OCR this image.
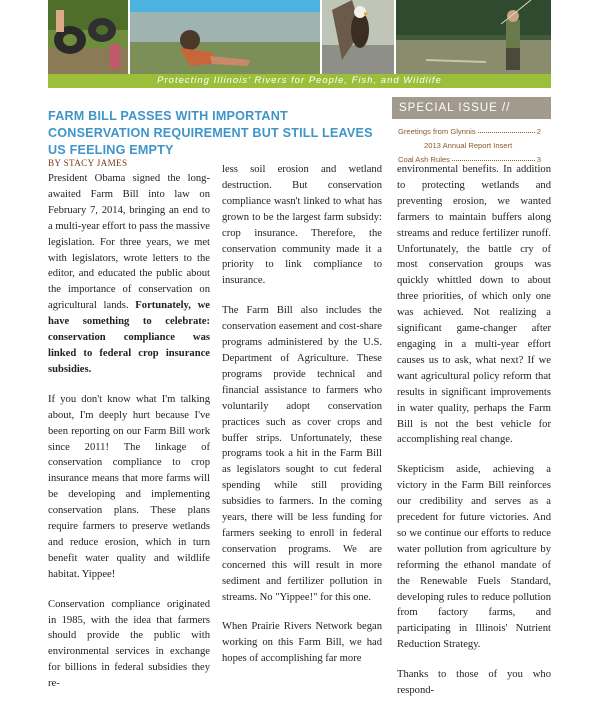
Protecting Illinois' Rivers for People, Fish, and Wildlife
FARM BILL PASSES WITH IMPORTANT CONSERVATION REQUIREMENT BUT STILL LEAVES US FEELING EMPTY
BY STACY JAMES
SPECIAL ISSUE //
Greetings from Glynnis	2
2013 Annual Report Insert
Coal Ash Rules	3

President Obama signed the long-awaited Farm Bill into law on February 7, 2014, bringing an end to a multi-year effort to pass the massive legislation. For three years, we met with legislators, wrote letters to the editor, and educated the public about the importance of conservation on agricultural lands. Fortunately, we have something to celebrate: conservation compliance was linked to federal crop insurance subsidies.

If you don't know what I'm talking about, I'm deeply hurt because I've been reporting on our Farm Bill work since 2011! The linkage of conservation compliance to crop insurance means that more farms will be developing and implementing conservation plans. These plans require farmers to preserve wetlands and reduce erosion, which in turn benefit water quality and wildlife habitat. Yippee!

Conservation compliance originated in 1985, with the idea that farmers should provide the public with environmental services in exchange for billions in federal subsidies they re-

less soil erosion and wetland destruction. But conservation compliance wasn't linked to what has grown to be the largest farm subsidy: crop insurance. Therefore, the conservation community made it a priority to link compliance to insurance.

The Farm Bill also includes the conservation easement and cost-share programs administered by the U.S. Department of Agriculture. These programs provide technical and financial assistance to farmers who voluntarily adopt conservation practices such as cover crops and buffer strips. Unfortunately, these programs took a hit in the Farm Bill as legislators sought to cut federal spending while still providing subsidies to farmers. In the coming years, there will be less funding for farmers seeking to enroll in federal conservation programs. We are concerned this will result in more sediment and fertilizer pollution in streams. No "Yippee!" for this one.

When Prairie Rivers Network began working on this Farm Bill, we had hopes of accomplishing far more

environmental benefits. In addition to protecting wetlands and preventing erosion, we wanted farmers to maintain buffers along streams and reduce fertilizer runoff. Unfortunately, the battle cry of most conservation groups was quickly whittled down to about three priorities, of which only one was achieved. Not realizing a significant game-changer after engaging in a multi-year effort causes us to ask, what next? If we want agricultural policy reform that results in significant improvements in water quality, perhaps the Farm Bill is not the best vehicle for accomplishing real change.

Skepticism aside, achieving a victory in the Farm Bill reinforces our credibility and serves as a precedent for future victories. And so we continue our efforts to reduce water pollution from agriculture by reforming the ethanol mandate of the Renewable Fuels Standard, developing rules to reduce pollution from factory farms, and participating in Illinois' Nutrient Reduction Strategy.

Thanks to those of you who respond-
